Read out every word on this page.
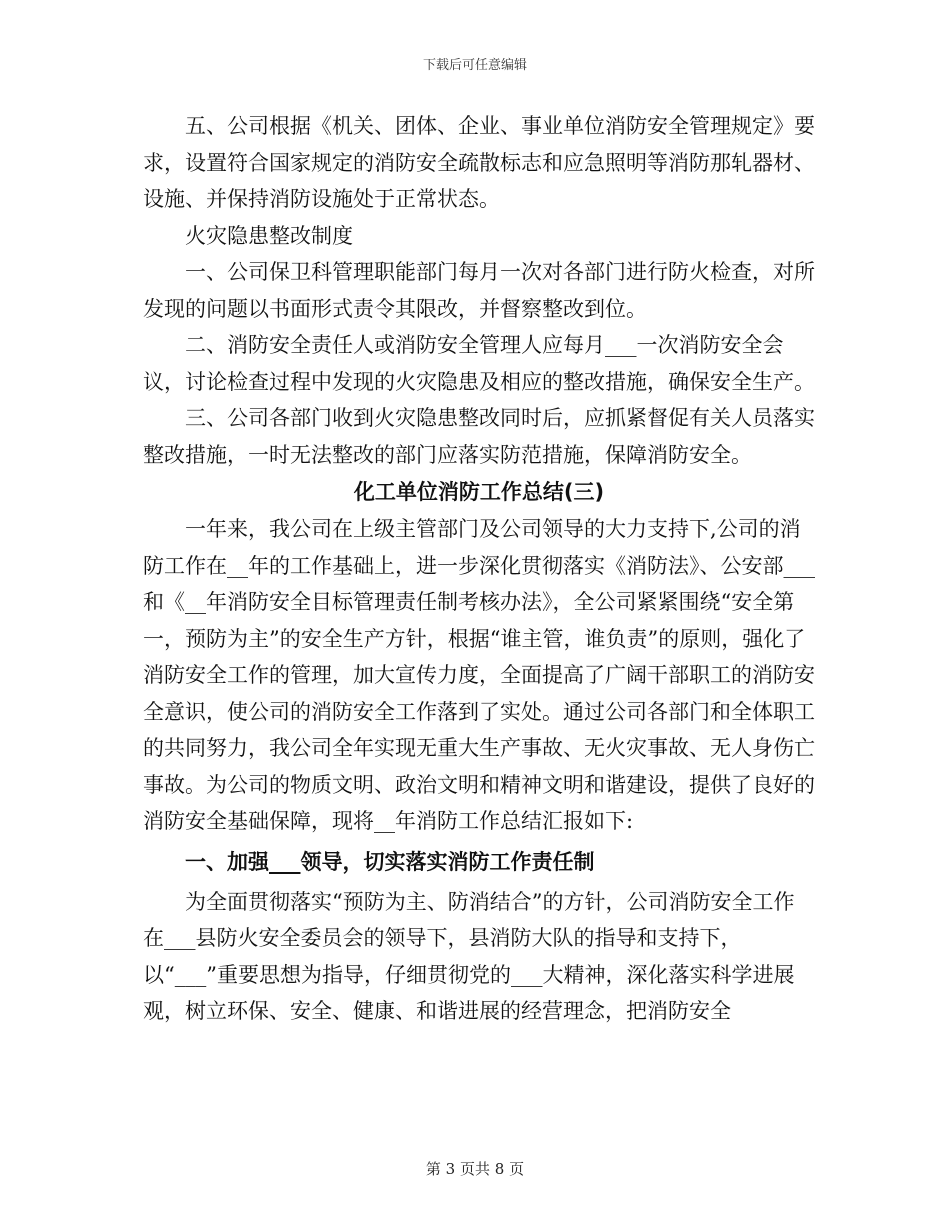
下载后可任意编辑

五、公司根据《机关、团体、企业、事业单位消防安全管理规定》要求，设置符合国家规定的消防安全疏散标志和应急照明等消防那轧器材、设施、并保持消防设施处于正常状态。

火灾隐患整改制度

一、公司保卫科管理职能部门每月一次对各部门进行防火检查，对所发现的问题以书面形式责令其限改，并督察整改到位。

二、消防安全责任人或消防安全管理人应每月___一次消防安全会议，讨论检查过程中发现的火灾隐患及相应的整改措施，确保安全生产。

三、公司各部门收到火灾隐患整改同时后，应抓紧督促有关人员落实整改措施，一时无法整改的部门应落实防范措施，保障消防安全。

化工单位消防工作总结(三)

一年来，我公司在上级主管部门及公司领导的大力支持下,公司的消防工作在__年的工作基础上，进一步深化贯彻落实《消防法》、公安部___和《__年消防安全目标管理责任制考核办法》，全公司紧紧围绕“安全第一，预防为主”的安全生产方针，根据“谁主管，谁负责”的原则，强化了消防安全工作的管理，加大宣传力度，全面提高了广阔干部职工的消防安全意识，使公司的消防安全工作落到了实处。通过公司各部门和全体职工的共同努力，我公司全年实现无重大生产事故、无火灾事故、无人身伤亡事故。为公司的物质文明、政治文明和精神文明和谐建设，提供了良好的消防安全基础保障，现将__年消防工作总结汇报如下:

一、加强___领导，切实落实消防工作责任制

为全面贯彻落实“预防为主、防消结合”的方针，公司消防安全工作在___县防火安全委员会的领导下，县消防大队的指导和支持下，以“___”重要思想为指导，仔细贯彻党的___大精神，深化落实科学进展观，树立环保、安全、健康、和谐进展的经营理念，把消防安全

第 3 页共 8 页
